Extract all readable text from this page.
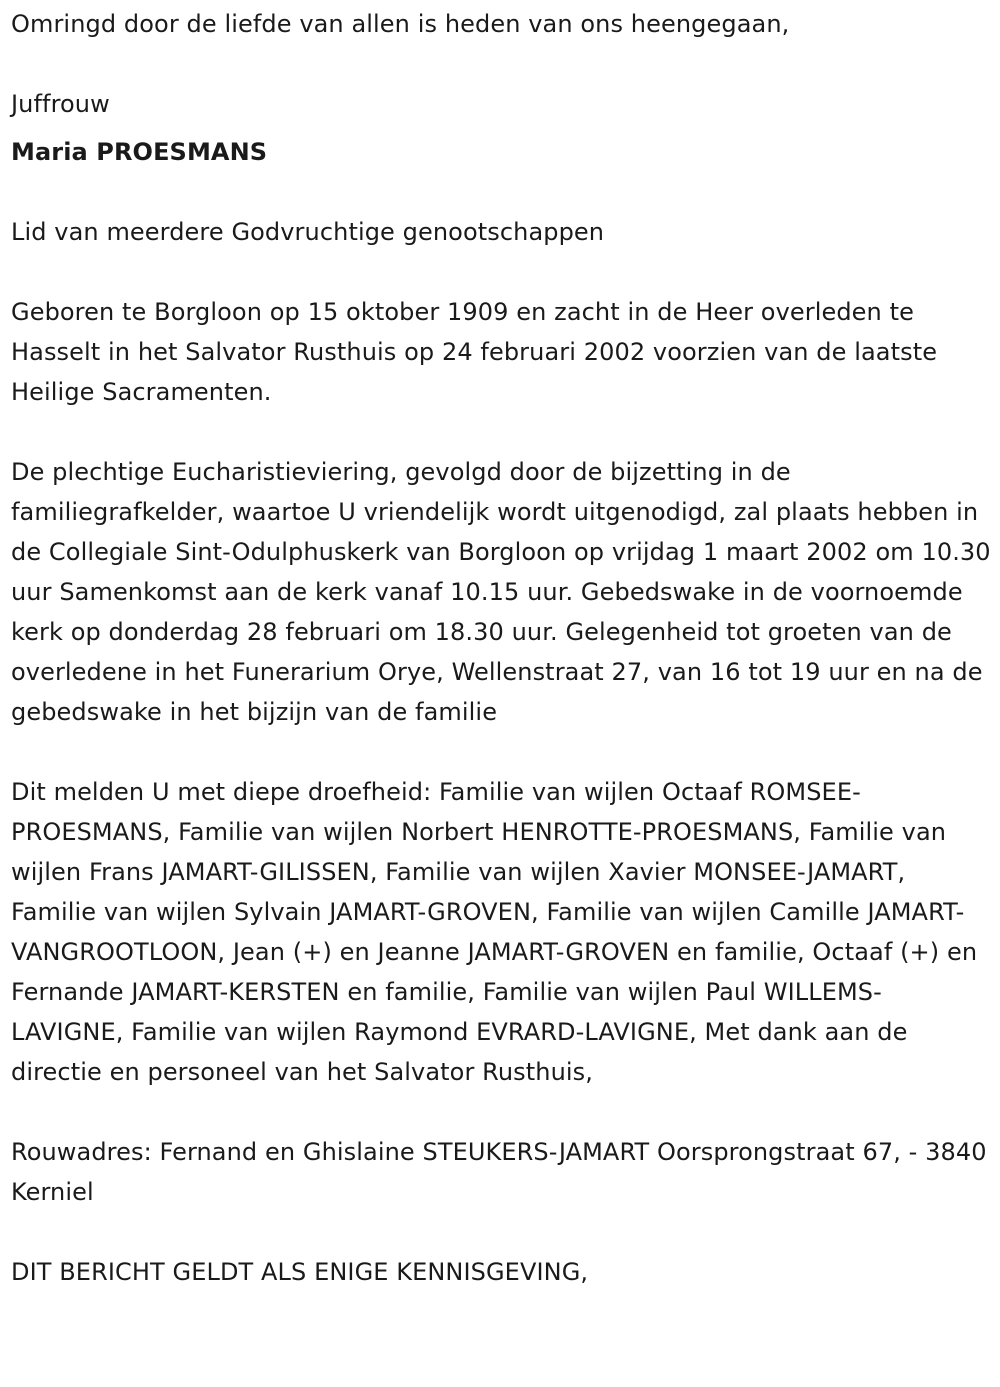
Omringd door de liefde van allen is heden van ons heengegaan,

Juffrouw

Maria PROESMANS

Lid van meerdere Godvruchtige genootschappen

Geboren te Borgloon op 15 oktober 1909 en zacht in de Heer overleden te Hasselt in het Salvator Rusthuis op 24 februari 2002 voorzien van de laatste Heilige Sacramenten.

De plechtige Eucharistieviering, gevolgd door de bijzetting in de familiegrafkelder, waartoe U vriendelijk wordt uitgenodigd, zal plaats hebben in de Collegiale Sint-Odulphuskerk van Borgloon op vrijdag 1 maart 2002 om 10.30 uur Samenkomst aan de kerk vanaf 10.15 uur. Gebedswake in de voornoemde kerk op donderdag 28 februari om 18.30 uur. Gelegenheid tot groeten van de overledene in het Funerarium Orye, Wellenstraat 27, van 16 tot 19 uur en na de gebedswake in het bijzijn van de familie

Dit melden U met diepe droefheid: Familie van wijlen Octaaf ROMSEE-PROESMANS, Familie van wijlen Norbert HENROTTE-PROESMANS, Familie van wijlen Frans JAMART-GILISSEN, Familie van wijlen Xavier MONSEE-JAMART, Familie van wijlen Sylvain JAMART-GROVEN, Familie van wijlen Camille JAMART-VANGROOTLOON, Jean (+) en Jeanne JAMART-GROVEN en familie, Octaaf (+) en Fernande JAMART-KERSTEN en familie, Familie van wijlen Paul WILLEMS-LAVIGNE, Familie van wijlen Raymond EVRARD-LAVIGNE, Met dank aan de directie en personeel van het Salvator Rusthuis,

Rouwadres: Fernand en Ghislaine STEUKERS-JAMART Oorsprongstraat 67, - 3840 Kerniel

DIT BERICHT GELDT ALS ENIGE KENNISGEVING,
